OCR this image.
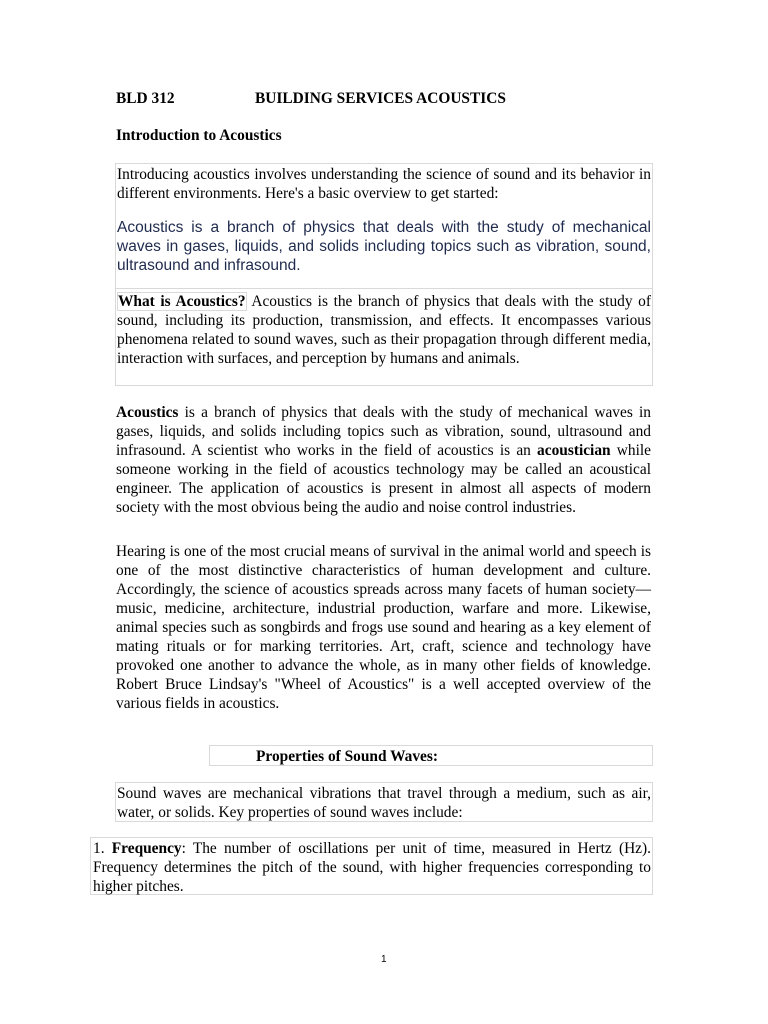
BLD 312	BUILDING SERVICES ACOUSTICS
Introduction to Acoustics

Introducing acoustics involves understanding the science of sound and its behavior in different environments. Here's a basic overview to get started:

Acoustics is a branch of physics that deals with the study of mechanical waves in gases, liquids, and solids including topics such as vibration, sound, ultrasound and infrasound.

What is Acoustics? Acoustics is the branch of physics that deals with the study of sound, including its production, transmission, and effects. It encompasses various phenomena related to sound waves, such as their propagation through different media, interaction with surfaces, and perception by humans and animals.

Acoustics is a branch of physics that deals with the study of mechanical waves in gases, liquids, and solids including topics such as vibration, sound, ultrasound and infrasound. A scientist who works in the field of acoustics is an acoustician while someone working in the field of acoustics technology may be called an acoustical engineer. The application of acoustics is present in almost all aspects of modern society with the most obvious being the audio and noise control industries.

Hearing is one of the most crucial means of survival in the animal world and speech is one of the most distinctive characteristics of human development and culture. Accordingly, the science of acoustics spreads across many facets of human society—music, medicine, architecture, industrial production, warfare and more. Likewise, animal species such as songbirds and frogs use sound and hearing as a key element of mating rituals or for marking territories. Art, craft, science and technology have provoked one another to advance the whole, as in many other fields of knowledge. Robert Bruce Lindsay's "Wheel of Acoustics" is a well accepted overview of the various fields in acoustics.

Properties of Sound Waves:

Sound waves are mechanical vibrations that travel through a medium, such as air, water, or solids. Key properties of sound waves include:

1. Frequency: The number of oscillations per unit of time, measured in Hertz (Hz). Frequency determines the pitch of the sound, with higher frequencies corresponding to higher pitches.

1
